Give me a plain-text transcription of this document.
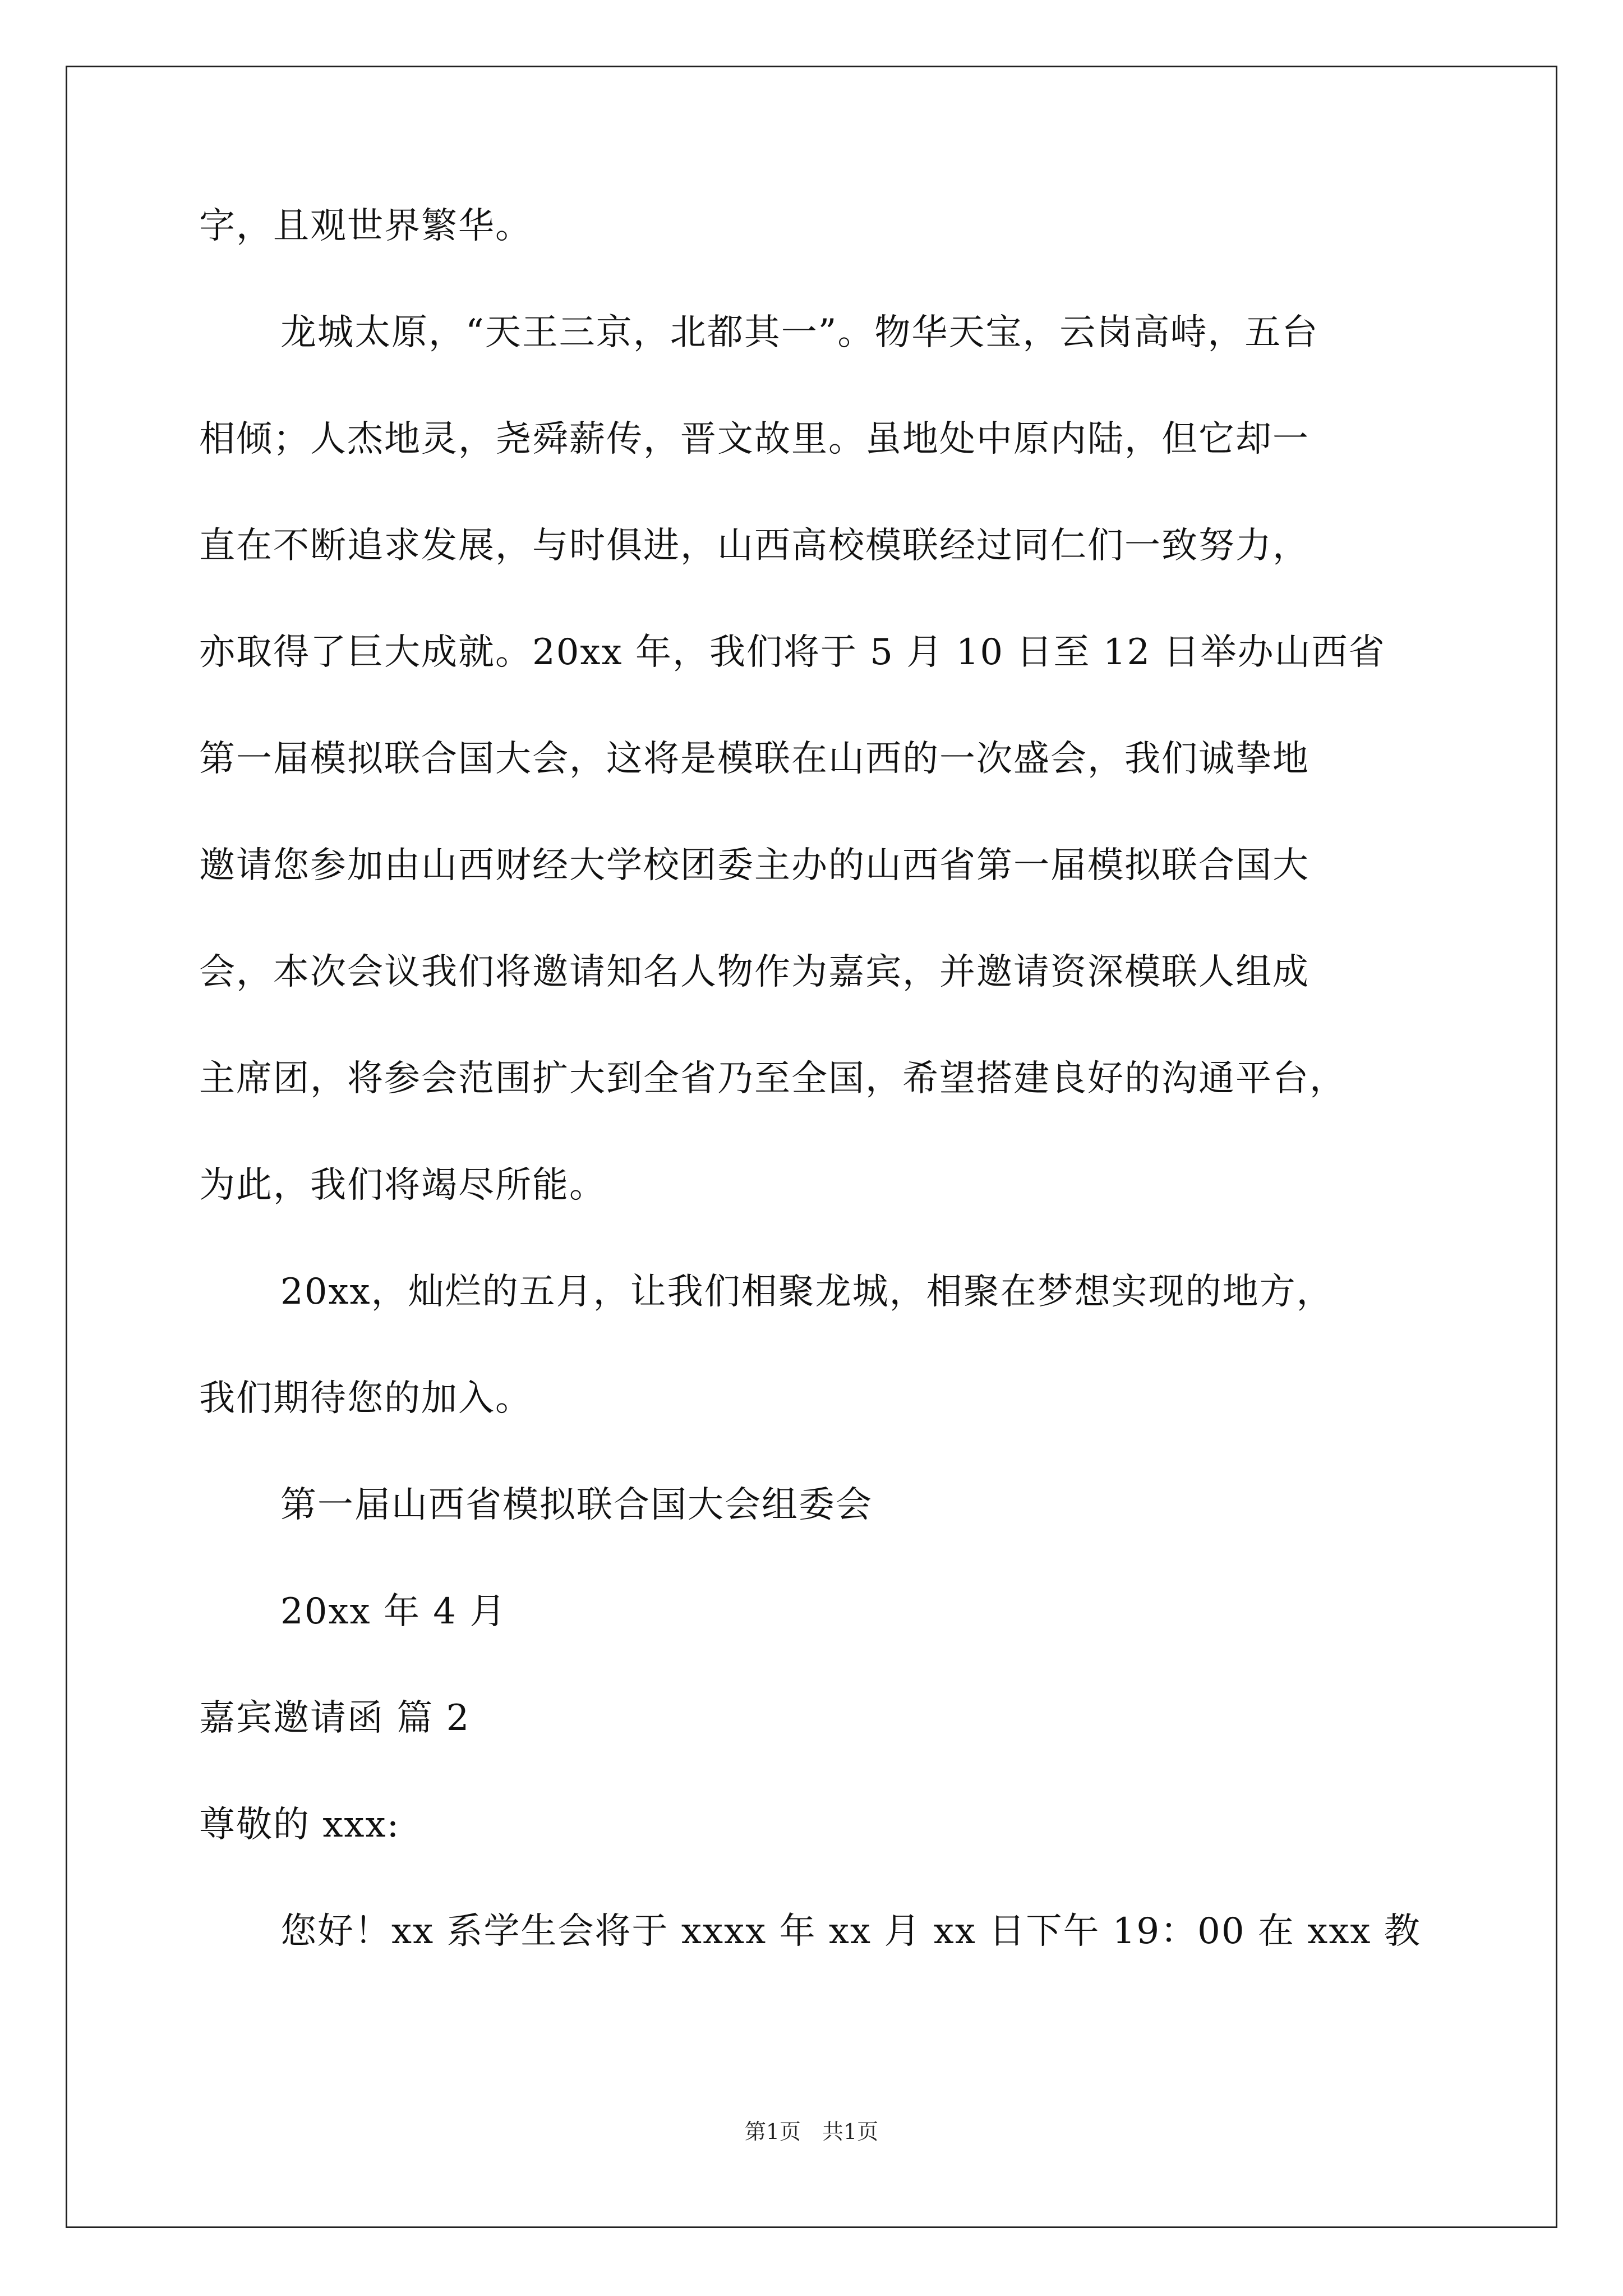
字，且观世界繁华。
龙城太原，“天王三京，北都其一”。物华天宝，云岗高峙，五台
相倾；人杰地灵，尧舜薪传，晋文故里。虽地处中原内陆，但它却一
直在不断追求发展，与时俱进，山西高校模联经过同仁们一致努力，
亦取得了巨大成就。20xx 年，我们将于 5 月 10 日至 12 日举办山西省
第一届模拟联合国大会，这将是模联在山西的一次盛会，我们诚挚地
邀请您参加由山西财经大学校团委主办的山西省第一届模拟联合国大
会，本次会议我们将邀请知名人物作为嘉宾，并邀请资深模联人组成
主席团，将参会范围扩大到全省乃至全国，希望搭建良好的沟通平台，
为此，我们将竭尽所能。
20xx，灿烂的五月，让我们相聚龙城，相聚在梦想实现的地方，
我们期待您的加入。
第一届山西省模拟联合国大会组委会
20xx 年 4 月
嘉宾邀请函 篇 2
尊敬的 xxx:
您好！xx 系学生会将于 xxxx 年 xx 月 xx 日下午 19：00 在 xxx 教
第1页　共1页
